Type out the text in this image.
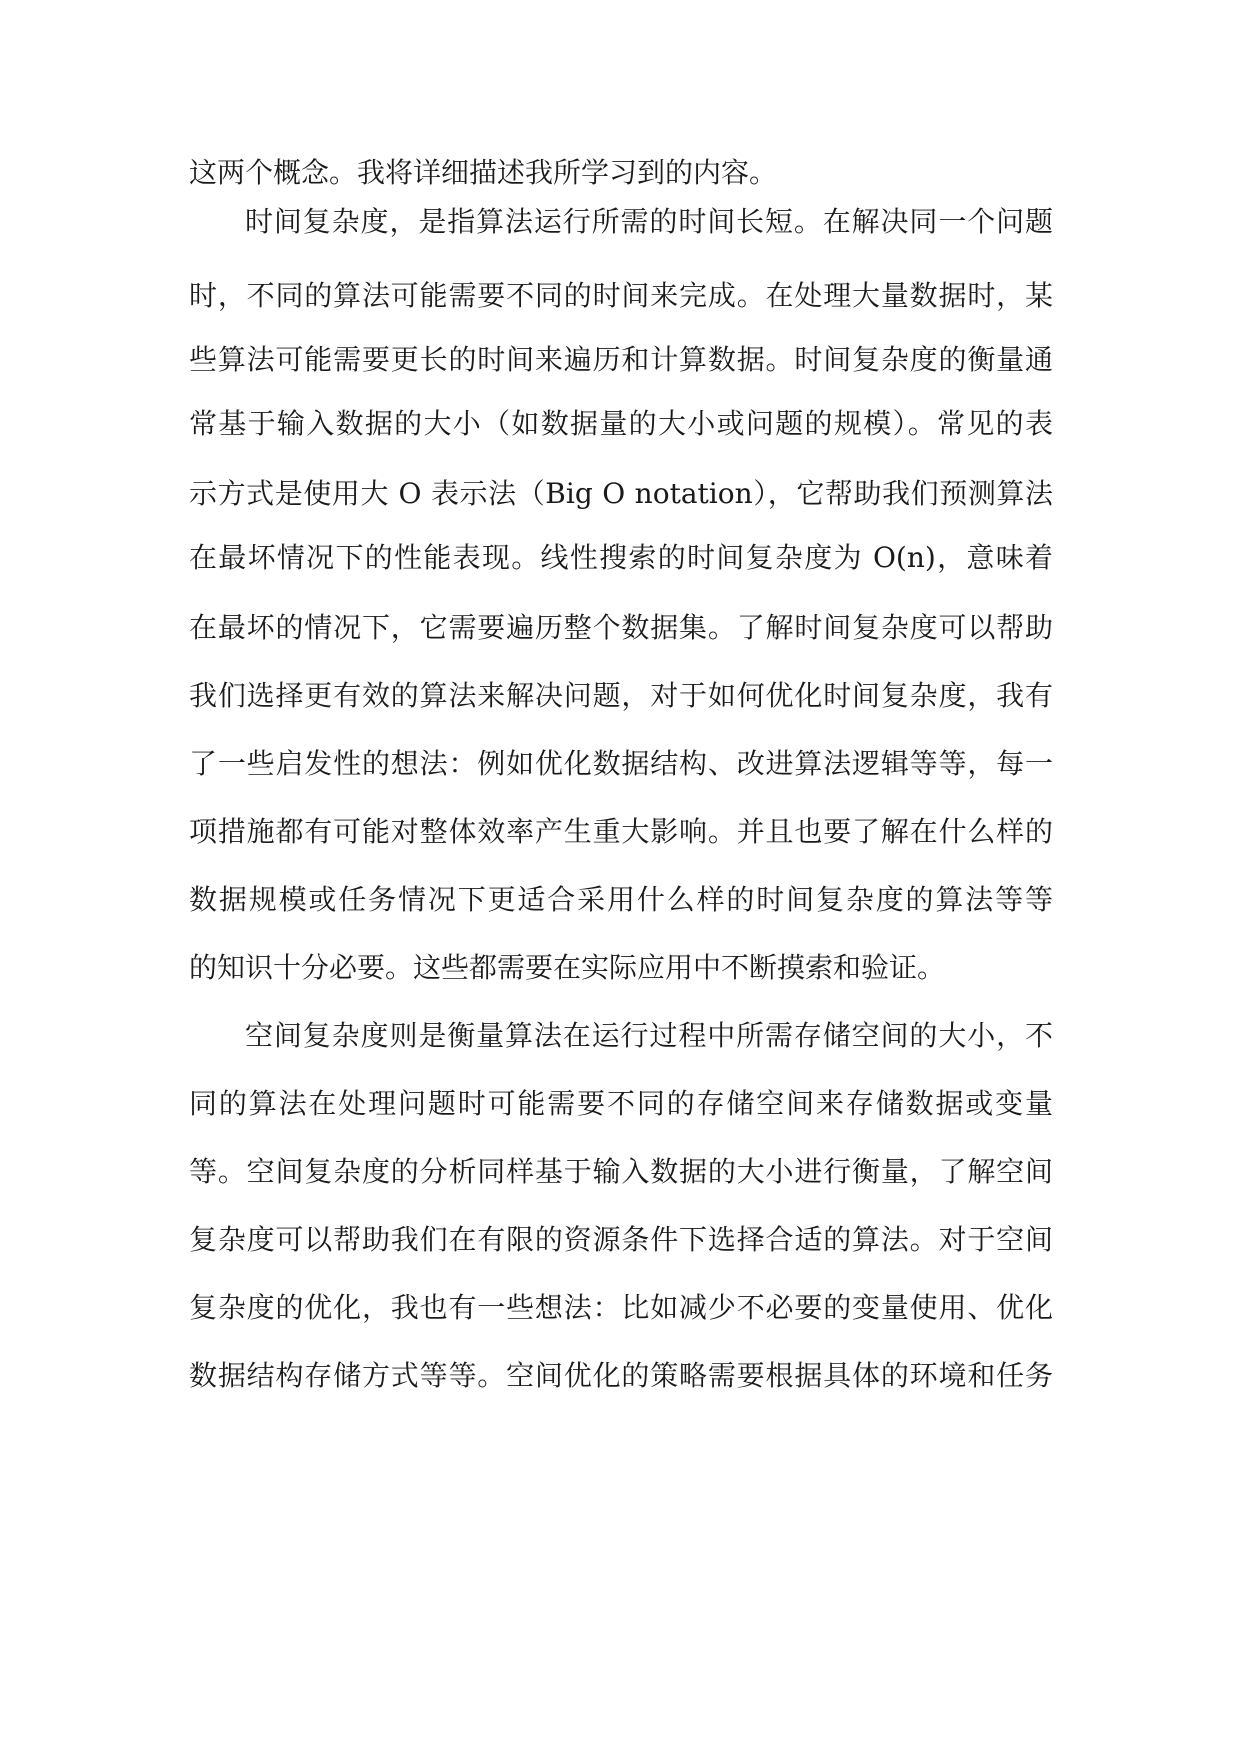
这两个概念。我将详细描述我所学习到的内容。
时间复杂度，是指算法运行所需的时间长短。在解决同一个问题
时，不同的算法可能需要不同的时间来完成。在处理大量数据时，某
些算法可能需要更长的时间来遍历和计算数据。时间复杂度的衡量通
常基于输入数据的大小（如数据量的大小或问题的规模）。常见的表
示方式是使用大 O 表示法（Big O notation），它帮助我们预测算法
在最坏情况下的性能表现。线性搜索的时间复杂度为 O(n)，意味着
在最坏的情况下，它需要遍历整个数据集。了解时间复杂度可以帮助
我们选择更有效的算法来解决问题，对于如何优化时间复杂度，我有
了一些启发性的想法：例如优化数据结构、改进算法逻辑等等，每一
项措施都有可能对整体效率产生重大影响。并且也要了解在什么样的
数据规模或任务情况下更适合采用什么样的时间复杂度的算法等等
的知识十分必要。这些都需要在实际应用中不断摸索和验证。
空间复杂度则是衡量算法在运行过程中所需存储空间的大小，不
同的算法在处理问题时可能需要不同的存储空间来存储数据或变量
等。空间复杂度的分析同样基于输入数据的大小进行衡量，了解空间
复杂度可以帮助我们在有限的资源条件下选择合适的算法。对于空间
复杂度的优化，我也有一些想法：比如减少不必要的变量使用、优化
数据结构存储方式等等。空间优化的策略需要根据具体的环境和任务
